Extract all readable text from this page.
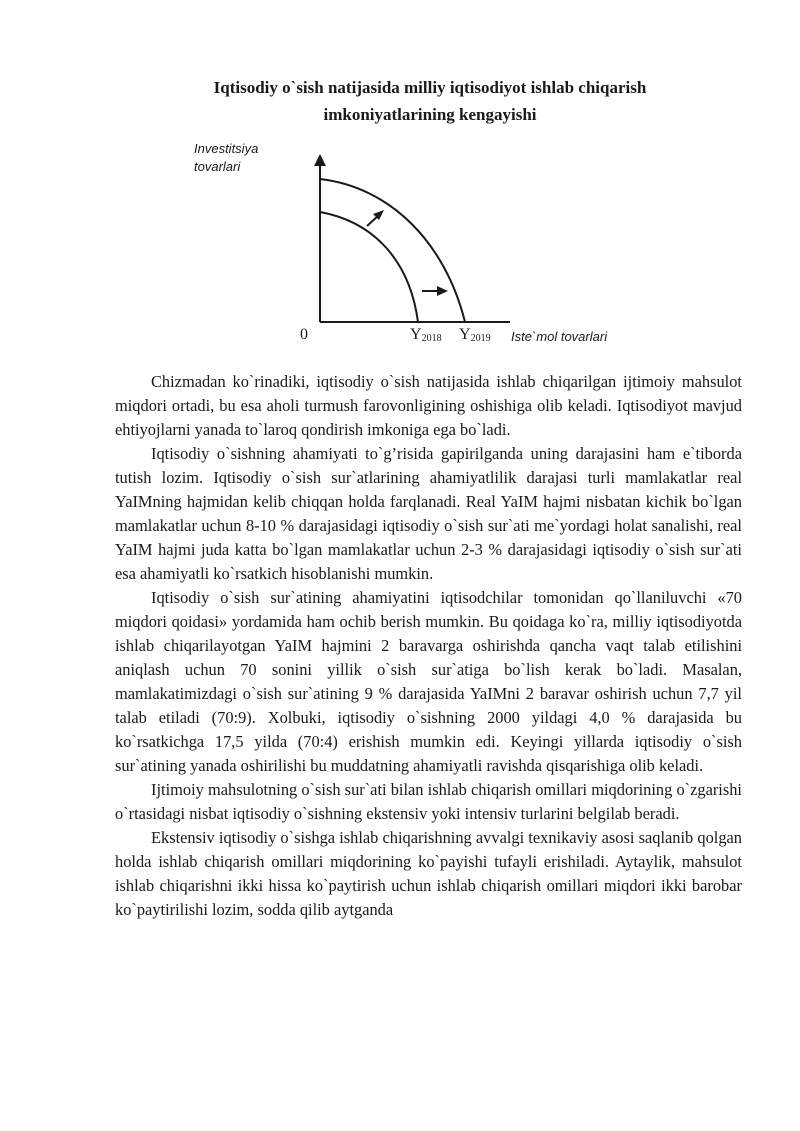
Iqtisodiy o`sish natijasida milliy iqtisodiyot ishlab chiqarish
imkoniyatlarining kengayishi
Investitsiya
tovarlari
0	$Y_{2018}$ $Y_{2019}$ Iste`mol tovarlari

Chizmadan ko`rinadiki, iqtisodiy o`sish natijasida ishlab chiqarilgan ijtimoiy mahsulot miqdori ortadi, bu esa aholi turmush farovonligining oshishiga olib keladi. Iqtisodiyot mavjud ehtiyojlarni yanada to`laroq qondirish imkoniga ega bo`ladi.

Iqtisodiy o`sishning ahamiyati to`g’risida gapirilganda uning darajasini ham e`tiborda tutish lozim. Iqtisodiy o`sish sur`atlarining ahamiyatlilik darajasi turli mamlakatlar real YaIMning hajmidan kelib chiqqan holda farqlanadi. Real YaIM hajmi nisbatan kichik bo`lgan mamlakatlar uchun 8-10 % darajasidagi iqtisodiy o`sish sur`ati me`yordagi holat sanalishi, real YaIM hajmi juda katta bo`lgan mamlakatlar uchun 2-3 % darajasidagi iqtisodiy o`sish sur`ati esa ahamiyatli ko`rsatkich hisoblanishi mumkin.

Iqtisodiy o`sish sur`atining ahamiyatini iqtisodchilar tomonidan qo`llaniluvchi «70 miqdori qoidasi» yordamida ham ochib berish mumkin. Bu qoidaga ko`ra, milliy iqtisodiyotda ishlab chiqarilayotgan YaIM hajmini 2 baravarga oshirishda qancha vaqt talab etilishini aniqlash uchun 70 sonini yillik o`sish sur`atiga bo`lish kerak bo`ladi. Masalan, mamlakatimizdagi o`sish sur`atining 9 % darajasida YaIMni 2 baravar oshirish uchun 7,7 yil talab etiladi (70:9). Xolbuki, iqtisodiy o`sishning 2000 yildagi 4,0 % darajasida bu ko`rsatkichga 17,5 yilda (70:4) erishish mumkin edi. Keyingi yillarda iqtisodiy o`sish sur`atining yanada oshirilishi bu muddatning ahamiyatli ravishda qisqarishiga olib keladi.

Ijtimoiy mahsulotning o`sish sur`ati bilan ishlab chiqarish omillari miqdorining o`zgarishi o`rtasidagi nisbat iqtisodiy o`sishning ekstensiv yoki intensiv turlarini belgilab beradi.

Ekstensiv iqtisodiy o`sishga ishlab chiqarishning avvalgi texnikaviy asosi saqlanib qolgan holda ishlab chiqarish omillari miqdorining ko`payishi tufayli erishiladi. Aytaylik, mahsulot ishlab chiqarishni ikki hissa ko`paytirish uchun ishlab chiqarish omillari miqdori ikki barobar ko`paytirilishi lozim, sodda qilib aytganda
